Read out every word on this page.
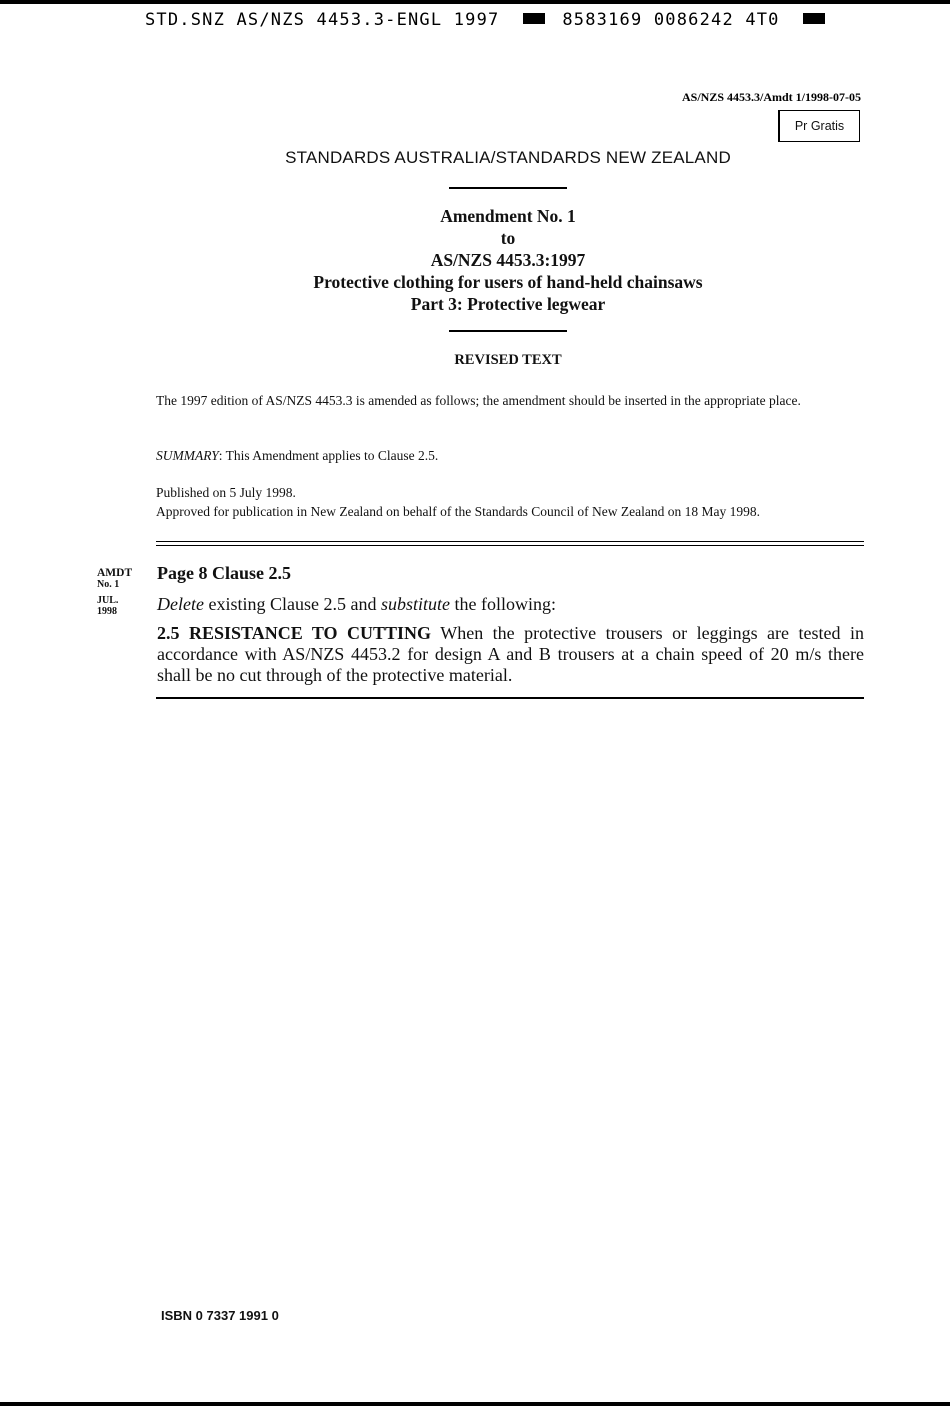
STD.SNZ AS/NZS 4453.3-ENGL 1997	8583169 0086242 4T0
AS/NZS 4453.3/Amdt 1/1998-07-05
Pr Gratis
STANDARDS AUSTRALIA/STANDARDS NEW ZEALAND
Amendment No. 1
to
AS/NZS 4453.3:1997
Protective clothing for users of hand-held chainsaws
Part 3: Protective legwear
REVISED TEXT
The 1997 edition of AS/NZS 4453.3 is amended as follows; the amendment should be inserted in the appropriate place.
SUMMARY: This Amendment applies to Clause 2.5.
Published on 5 July 1998.
Approved for publication in New Zealand on behalf of the Standards Council of New Zealand on 18 May 1998.
AMDT
No. 1
JUL.
1998
Page 8 Clause 2.5
Delete existing Clause 2.5 and substitute the following:
2.5 RESISTANCE TO CUTTING When the protective trousers or leggings are tested in accordance with AS/NZS 4453.2 for design A and B trousers at a chain speed of 20 m/s there shall be no cut through of the protective material.
ISBN 0 7337 1991 0
